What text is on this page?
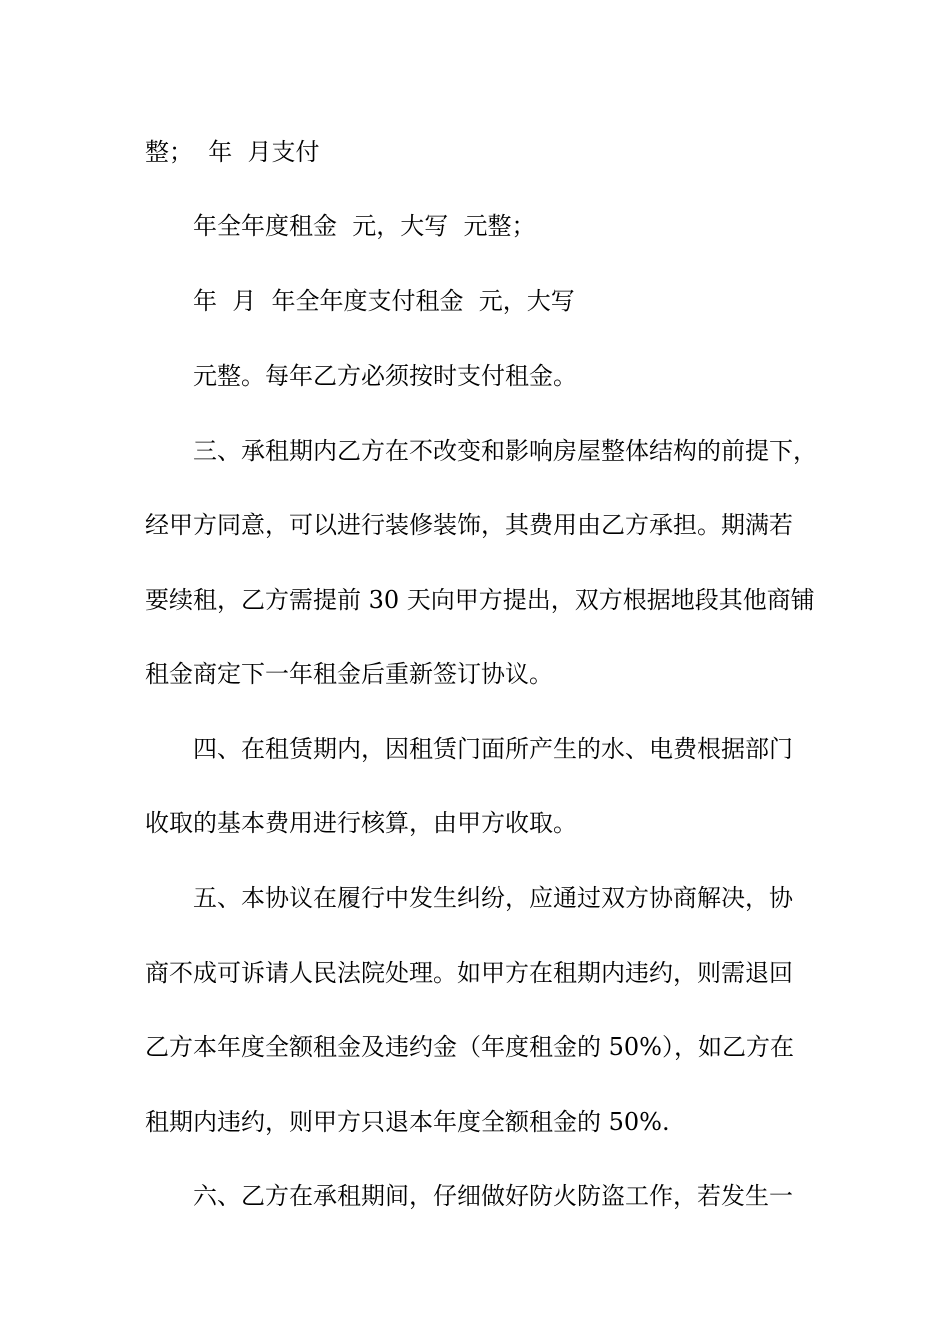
整；  年  月支付
年全年度租金  元，大写  元整；
年  月  年全年度支付租金  元，大写
元整。每年乙方必须按时支付租金。
三、承租期内乙方在不改变和影响房屋整体结构的前提下，
经甲方同意，可以进行装修装饰，其费用由乙方承担。期满若
要续租，乙方需提前 30 天向甲方提出，双方根据地段其他商铺
租金商定下一年租金后重新签订协议。
四、在租赁期内，因租赁门面所产生的水、电费根据部门
收取的基本费用进行核算，由甲方收取。
五、本协议在履行中发生纠纷，应通过双方协商解决，协
商不成可诉请人民法院处理。如甲方在租期内违约，则需退回
乙方本年度全额租金及违约金（年度租金的 50%），如乙方在
租期内违约，则甲方只退本年度全额租金的 50%.
六、乙方在承租期间，仔细做好防火防盗工作，若发生一
